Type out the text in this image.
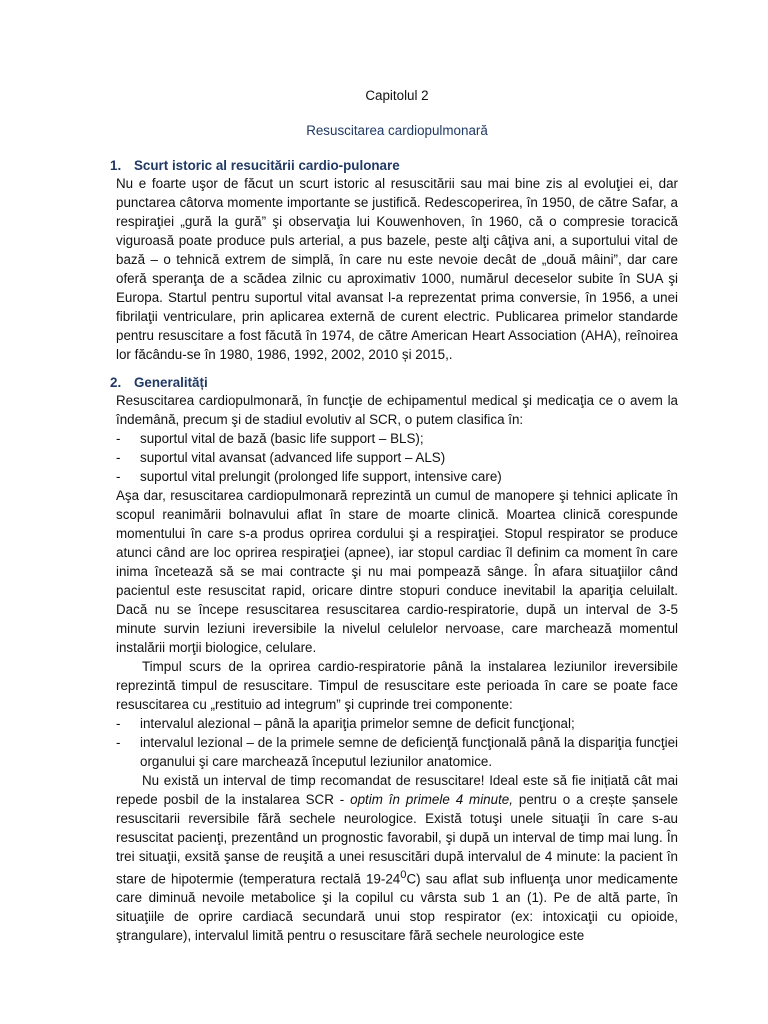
Capitolul 2
Resuscitarea cardiopulmonară
1. Scurt istoric al resucitării cardio-pulonare

Nu e foarte uşor de făcut un scurt istoric al resuscitării sau mai bine zis al evoluţiei ei, dar punctarea câtorva momente importante se justifică. Redescoperirea, în 1950, de către Safar, a respiraţiei „gură la gură” şi observaţia lui Kouwenhoven, în 1960, că o compresie toracică viguroasă poate produce puls arterial, a pus bazele, peste alţi câţiva ani, a suportului vital de bază – o tehnică extrem de simplă, în care nu este nevoie decât de „două mâini”, dar care oferă speranţa de a scădea zilnic cu aproximativ 1000, numărul deceselor subite în SUA şi Europa. Startul pentru suportul vital avansat l-a reprezentat prima conversie, în 1956, a unei fibrilaţii ventriculare, prin aplicarea externă de curent electric. Publicarea primelor standarde pentru resuscitare a fost făcută în 1974, de către American Heart Association (AHA), reînoirea lor făcându-se în 1980, 1986, 1992, 2002, 2010 și 2015,.

2. Generalități

Resuscitarea cardiopulmonară, în funcţie de echipamentul medical şi medicaţia ce o avem la îndemână, precum şi de stadiul evolutiv al SCR, o putem clasifica în:

- suportul vital de bază (basic life support – BLS);
- suportul vital avansat (advanced life support – ALS)
- suportul vital prelungit (prolonged life support, intensive care)

Aşa dar, resuscitarea cardiopulmonară reprezintă un cumul de manopere şi tehnici aplicate în scopul reanimării bolnavului aflat în stare de moarte clinică. Moartea clinică corespunde momentului în care s-a produs oprirea cordului şi a respiraţiei. Stopul respirator se produce atunci când are loc oprirea respiraţiei (apnee), iar stopul cardiac îl definim ca moment în care inima încetează să se mai contracte şi nu mai pompează sânge. În afara situaţiilor când pacientul este resuscitat rapid, oricare dintre stopuri conduce inevitabil la apariţia celuilalt. Dacă nu se începe resuscitarea resuscitarea cardio-respiratorie, după un interval de 3-5 minute survin leziuni ireversibile la nivelul celulelor nervoase, care marchează momentul instalării morţii biologice, celulare.

Timpul scurs de la oprirea cardio-respiratorie până la instalarea leziunilor ireversibile reprezintă timpul de resuscitare. Timpul de resuscitare este perioada în care se poate face resuscitarea cu „restituio ad integrum” şi cuprinde trei componente:

- intervalul alezional – până la apariţia primelor semne de deficit funcţional;
- intervalul lezional – de la primele semne de deficienţă funcţională până la dispariţia funcţiei organului şi care marchează începutul leziunilor anatomice.

Nu există un interval de timp recomandat de resuscitare! Ideal este să fie inițiată cât mai repede posbil de la instalarea SCR - optim în primele 4 minute, pentru o a crește șansele resuscitarii reversibile fără sechele neurologice. Există totuşi unele situaţii în care s-au resuscitat pacienţi, prezentând un prognostic favorabil, şi după un interval de timp mai lung. În trei situaţii, exsită şanse de reuşită a unei resuscitări după intervalul de 4 minute: la pacient în stare de hipotermie (temperatura rectală $19-24^0C$) sau aflat sub influenţa unor medicamente care diminuă nevoile metabolice şi la copilul cu vârsta sub 1 an (1). Pe de altă parte, în situaţiile de oprire cardiacă secundară unui stop respirator (ex: intoxicaţii cu opioide, ştrangulare), intervalul limită pentru o resuscitare fără sechele neurologice este
